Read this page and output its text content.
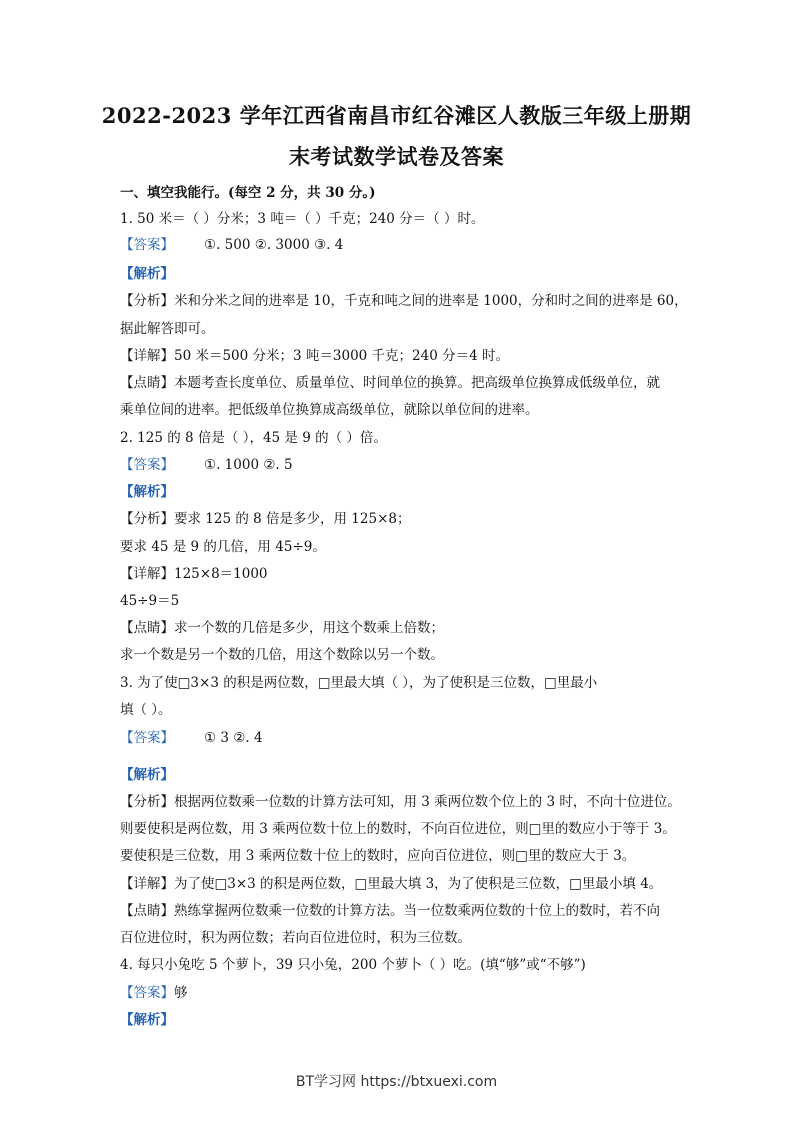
2022-2023 学年江西省南昌市红谷滩区人教版三年级上册期
末考试数学试卷及答案
一、填空我能行。(每空 2 分，共 30 分。)
1. 50 米＝（ ）分米；3 吨＝（ ）千克；240 分＝（ ）时。
【答案】 ①. 500 ②. 3000 ③. 4
【解析】
【分析】米和分米之间的进率是 10，千克和吨之间的进率是 1000，分和时之间的进率是 60，
据此解答即可。
【详解】50 米＝500 分米；3 吨＝3000 千克；240 分＝4 时。
【点睛】本题考查长度单位、质量单位、时间单位的换算。把高级单位换算成低级单位，就
乘单位间的进率。把低级单位换算成高级单位，就除以单位间的进率。
2. 125 的 8 倍是（ ），45 是 9 的（ ）倍。
【答案】 ①. 1000 ②. 5
【解析】
【分析】要求 125 的 8 倍是多少，用 125×8；
要求 45 是 9 的几倍，用 45÷9。
【详解】125×8＝1000
45÷9＝5
【点睛】求一个数的几倍是多少，用这个数乘上倍数；
求一个数是另一个数的几倍，用这个数除以另一个数。
3. 为了使□3×3 的积是两位数，□里最大填（ ），为了使积是三位数，□里最小
填（ ）。
【答案】 ① 3 ②. 4
【解析】
【分析】根据两位数乘一位数的计算方法可知，用 3 乘两位数个位上的 3 时，不向十位进位。
则要使积是两位数，用 3 乘两位数十位上的数时，不向百位进位，则□里的数应小于等于 3。
要使积是三位数，用 3 乘两位数十位上的数时，应向百位进位，则□里的数应大于 3。
【详解】为了使□3×3 的积是两位数，□里最大填 3，为了使积是三位数，□里最小填 4。
【点睛】熟练掌握两位数乘一位数的计算方法。当一位数乘两位数的十位上的数时，若不向
百位进位时，积为两位数；若向百位进位时，积为三位数。
4. 每只小兔吃 5 个萝卜，39 只小兔，200 个萝卜（ ）吃。(填“够”或“不够”)
【答案】够
【解析】
BT学习网 https://btxuexi.com
